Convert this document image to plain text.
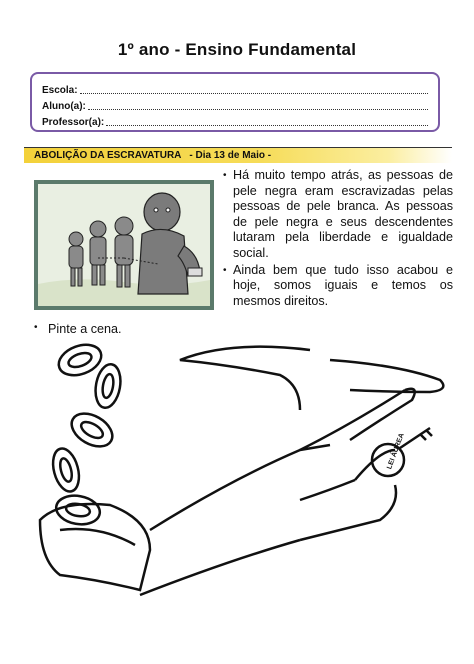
1º ano - Ensino Fundamental
Escola:
Aluno(a):
Professor(a):
ABOLIÇÃO DA ESCRAVATURA - Dia 13 de Maio -
• Há muito tempo atrás, as pessoas de pele negra eram escravizadas pelas pessoas de pele branca. As pessoas de pele negra e seus descendentes lutaram pela liberdade e igualdade social.
• Ainda bem que tudo isso acabou e hoje, somos iguais e temos os mesmos direitos.
• Pinte a cena.
LEI ÁUREA
